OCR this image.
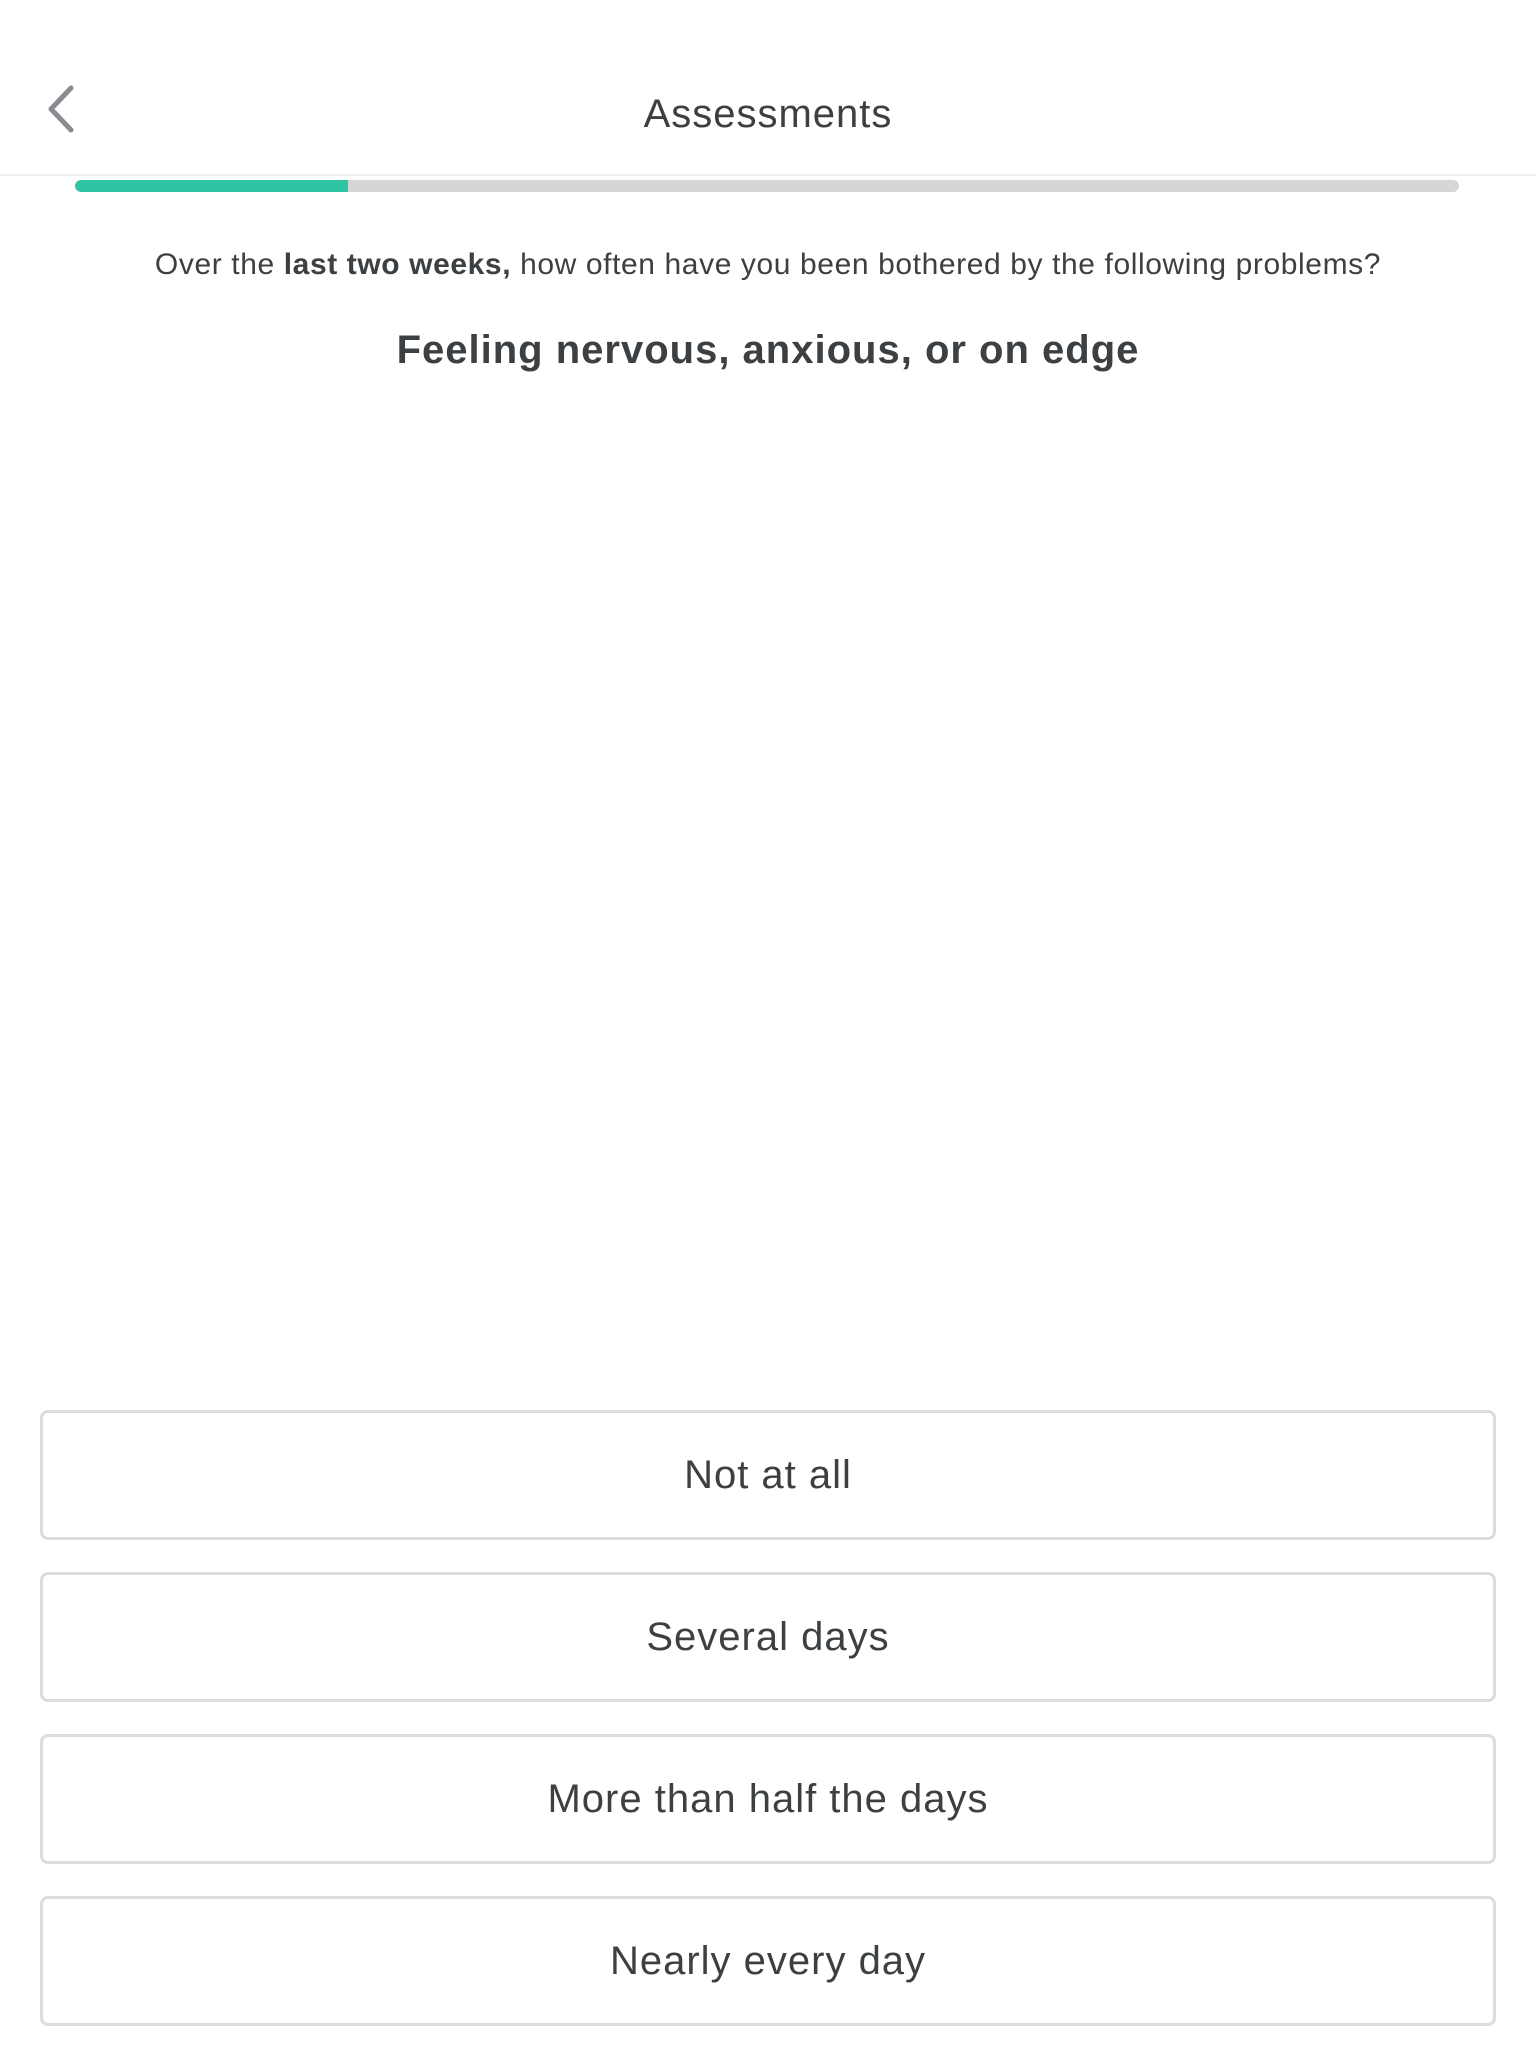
Assessments
Over the last two weeks, how often have you been bothered by the following problems?
Feeling nervous, anxious, or on edge
Not at all
Several days
More than half the days
Nearly every day
